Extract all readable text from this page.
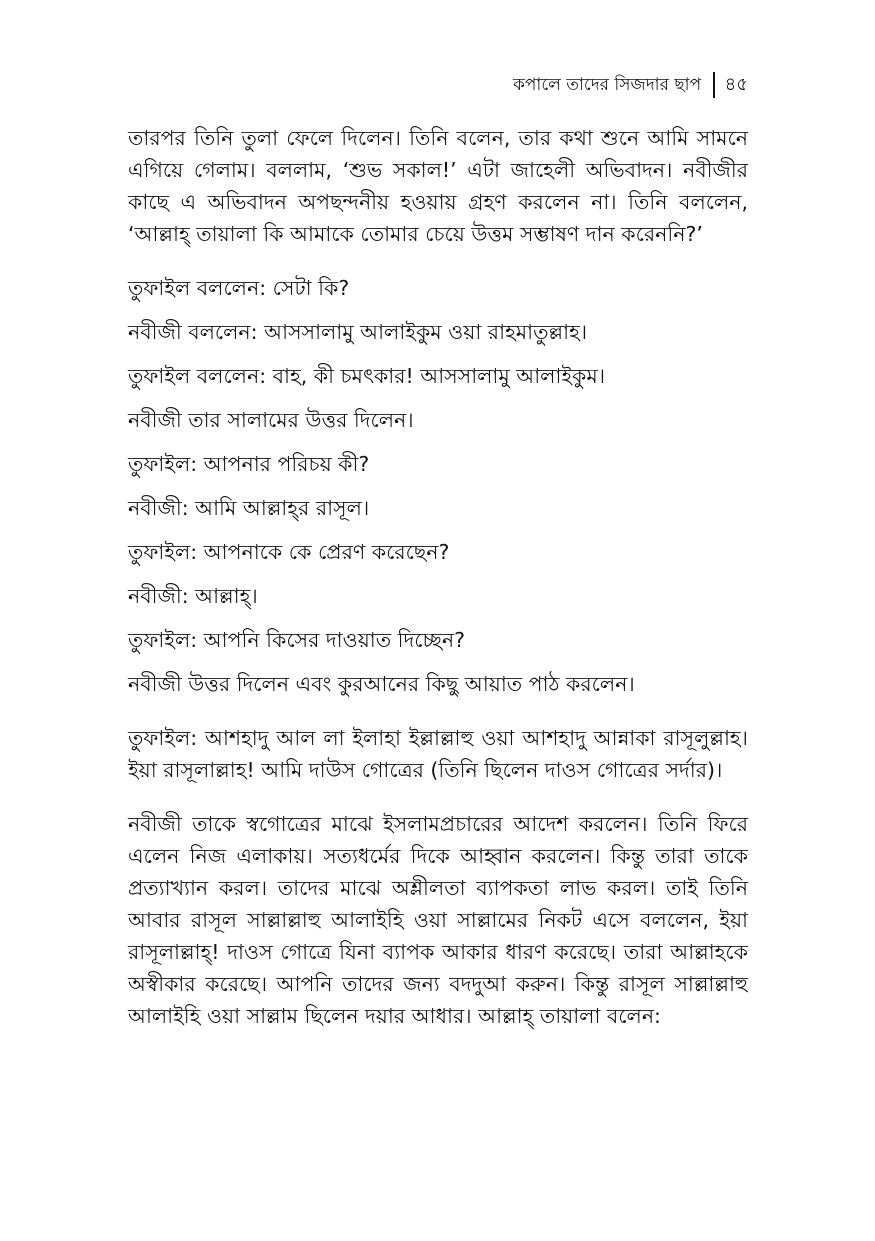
কপালে তাদের সিজদার ছাপ ৪৫

তারপর তিনি তুলা ফেলে দিলেন। তিনি বলেন, তার কথা শুনে আমি সামনে এগিয়ে গেলাম। বললাম, ‘শুভ সকাল!’ এটা জাহেলী অভিবাদন। নবীজীর কাছে এ অভিবাদন অপছন্দনীয় হওয়ায় গ্রহণ করলেন না। তিনি বললেন, ‘আল্লাহ্ তায়ালা কি আমাকে তোমার চেয়ে উত্তম সম্ভাষণ দান করেননি?’

তুফাইল বললেন: সেটা কি?

নবীজী বললেন: আসসালামু আলাইকুম ওয়া রাহমাতুল্লাহ।

তুফাইল বললেন: বাহ, কী চমৎকার! আসসালামু আলাইকুম।

নবীজী তার সালামের উত্তর দিলেন।

তুফাইল: আপনার পরিচয় কী?

নবীজী: আমি আল্লাহ্‌র রাসূল।

তুফাইল: আপনাকে কে প্রেরণ করেছেন?

নবীজী: আল্লাহ্।

তুফাইল: আপনি কিসের দাওয়াত দিচ্ছেন?

নবীজী উত্তর দিলেন এবং কুরআনের কিছু আয়াত পাঠ করলেন।

তুফাইল: আশহাদু আল লা ইলাহা ইল্লাল্লাহু ওয়া আশহাদু আন্নাকা রাসূলুল্লাহ। ইয়া রাসূলাল্লাহ! আমি দাউস গোত্রের (তিনি ছিলেন দাওস গোত্রের সর্দার)।

নবীজী তাকে স্বগোত্রের মাঝে ইসলামপ্রচারের আদেশ করলেন। তিনি ফিরে এলেন নিজ এলাকায়। সত্যধর্মের দিকে আহ্বান করলেন। কিন্তু তারা তাকে প্রত্যাখ্যান করল। তাদের মাঝে অশ্লীলতা ব্যাপকতা লাভ করল। তাই তিনি আবার রাসূল সাল্লাল্লাহু আলাইহি ওয়া সাল্লামের নিকট এসে বললেন, ইয়া রাসূলাল্লাহ্! দাওস গোত্রে যিনা ব্যাপক আকার ধারণ করেছে। তারা আল্লাহকে অস্বীকার করেছে। আপনি তাদের জন্য বদদুআ করুন। কিন্তু রাসূল সাল্লাল্লাহু আলাইহি ওয়া সাল্লাম ছিলেন দয়ার আধার। আল্লাহ্ তায়ালা বলেন:
